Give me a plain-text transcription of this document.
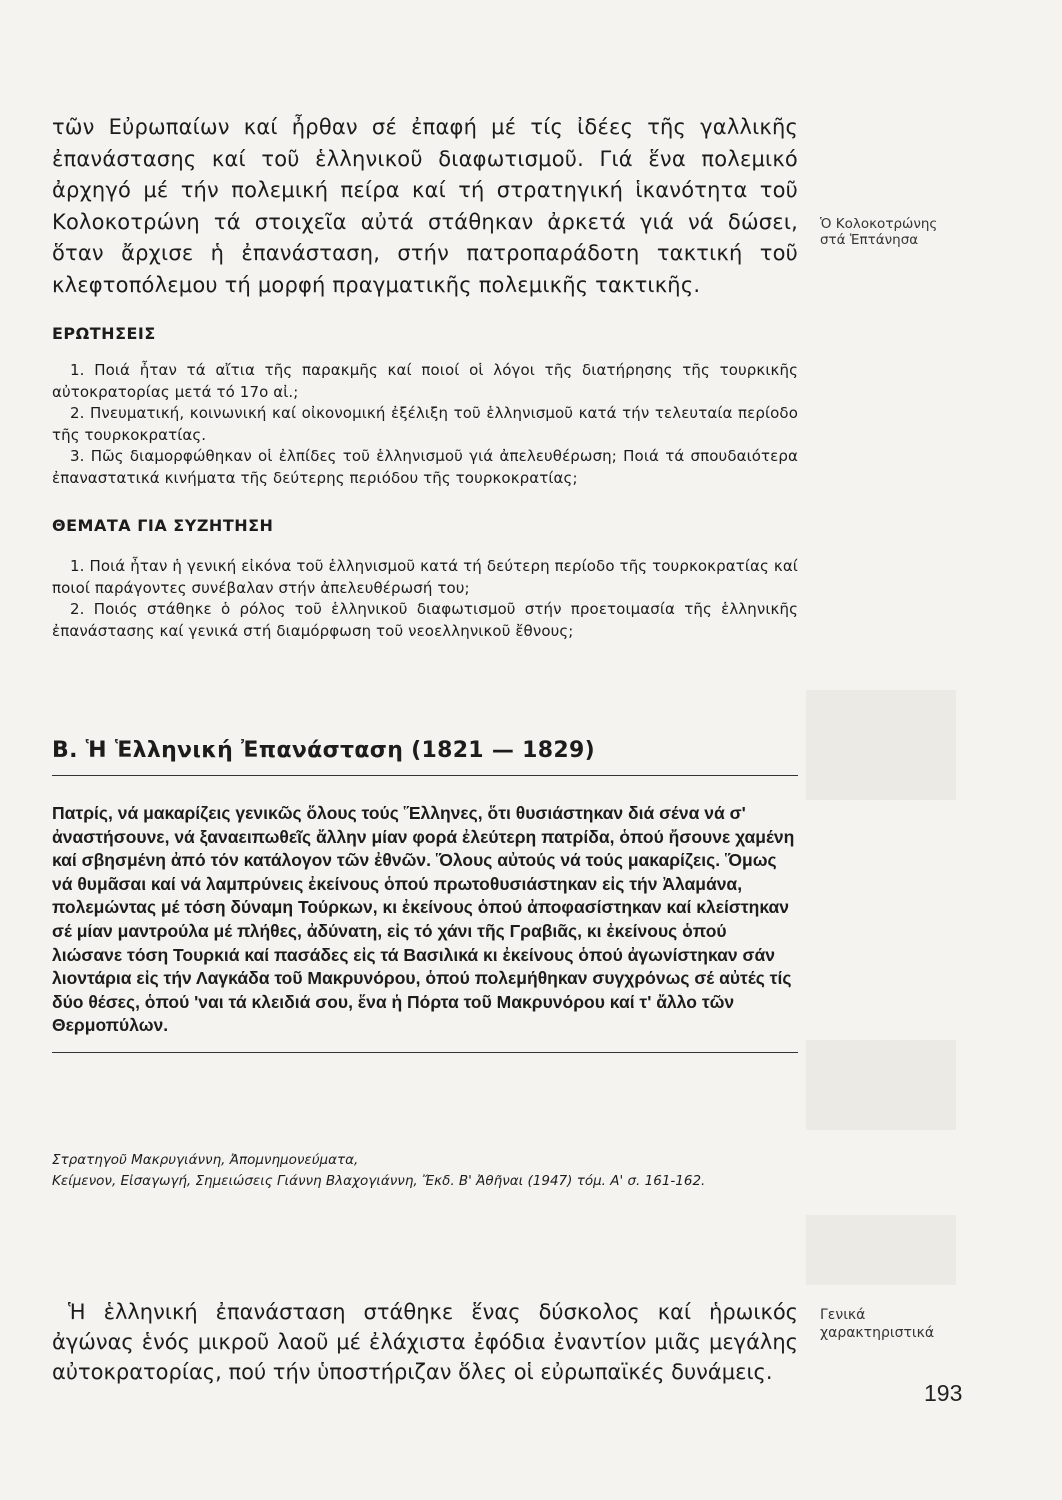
τῶν Εὐρωπαίων καί ἦρθαν σέ ἐπαφή μέ τίς ἰδέες τῆς γαλλικῆς ἐπανάστασης καί τοῦ ἑλληνικοῦ διαφωτισμοῦ. Γιά ἕνα πολεμικό ἀρχηγό μέ τήν πολεμική πείρα καί τή στρατηγική ἱκανότητα τοῦ Κολοκοτρώνη τά στοιχεῖα αὐτά στάθηκαν ἀρκετά γιά νά δώσει, ὅταν ἄρχισε ἡ ἐπανάσταση, στήν πατροπαράδοτη τακτική τοῦ κλεφτοπόλεμου τή μορφή πραγματικῆς πολεμικῆς τακτικῆς.

Ὁ Κολοκοτρώνης
στά Ἑπτάνησα
ΕΡΩΤΗΣΕΙΣ
1. Ποιά ἦταν τά αἴτια τῆς παρακμῆς καί ποιοί οἱ λόγοι τῆς διατήρησης τῆς τουρκικῆς αὐτοκρατορίας μετά τό 17ο αἰ.;
2. Πνευματική, κοινωνική καί οἰκονομική ἐξέλιξη τοῦ ἑλληνισμοῦ κατά τήν τελευταία περίοδο τῆς τουρκοκρατίας.
3. Πῶς διαμορφώθηκαν οἱ ἐλπίδες τοῦ ἑλληνισμοῦ γιά ἀπελευθέρωση; Ποιά τά σπουδαιότερα ἐπαναστατικά κινήματα τῆς δεύτερης περιόδου τῆς τουρκοκρατίας;
ΘΕΜΑΤΑ ΓΙΑ ΣΥΖΗΤΗΣΗ
1. Ποιά ἦταν ἡ γενική εἰκόνα τοῦ ἑλληνισμοῦ κατά τή δεύτερη περίοδο τῆς τουρκοκρατίας καί ποιοί παράγοντες συνέβαλαν στήν ἀπελευθέρωσή του;
2. Ποιός στάθηκε ὁ ρόλος τοῦ ἑλληνικοῦ διαφωτισμοῦ στήν προετοιμασία τῆς ἑλληνικῆς ἐπανάστασης καί γενικά στή διαμόρφωση τοῦ νεοελληνικοῦ ἔθνους;
Β. Ἡ Ἑλληνική Ἐπανάσταση (1821 — 1829)

Πατρίς, νά μακαρίζεις γενικῶς ὅλους τούς Ἕλληνες, ὅτι θυσιάστηκαν διά σένα νά σ' ἀναστήσουνε, νά ξαναειπωθεῖς ἄλλην μίαν φορά ἐλεύτερη πατρίδα, ὁπού ἤσουνε χαμένη καί σβησμένη ἀπό τόν κατάλογον τῶν ἐθνῶν. Ὅλους αὐτούς νά τούς μακαρίζεις. Ὅμως νά θυμᾶσαι καί νά λαμπρύνεις ἐκείνους ὁπού πρωτοθυσιάστηκαν εἰς τήν Ἀλαμάνα, πολεμώντας μέ τόση δύναμη Τούρκων, κι ἐκείνους ὁπού ἀποφασίστηκαν καί κλείστηκαν σέ μίαν μαντρούλα μέ πλήθες, ἀδύνατη, εἰς τό χάνι τῆς Γραβιᾶς, κι ἐκείνους ὁπού λιώσανε τόση Τουρκιά καί πασάδες εἰς τά Βασιλικά κι ἐκείνους ὁπού ἀγωνίστηκαν σάν λιοντάρια εἰς τήν Λαγκάδα τοῦ Μακρυνόρου, ὁπού πολεμήθηκαν συγχρόνως σέ αὐτές τίς δύο θέσες, ὁπού 'ναι τά κλειδιά σου, ἕνα ἡ Πόρτα τοῦ Μακρυνόρου καί τ' ἄλλο τῶν Θερμοπύλων.

Στρατηγοῦ Μακρυγιάννη, Ἀπομνημονεύματα,
Κείμενον, Εἰσαγωγή, Σημειώσεις Γιάννη Βλαχογιάννη, Ἔκδ. Β' Ἀθῆναι (1947) τόμ. Α' σ. 161-162.

Ἡ ἑλληνική ἐπανάσταση στάθηκε ἕνας δύσκολος καί ἡρωικός ἀγώνας ἑνός μικροῦ λαοῦ μέ ἐλάχιστα ἐφόδια ἐναντίον μιᾶς μεγάλης αὐτοκρατορίας, πού τήν ὑποστήριζαν ὅλες οἱ εὐρωπαϊκές δυνάμεις.

Γενικά
χαρακτηριστικά
193
